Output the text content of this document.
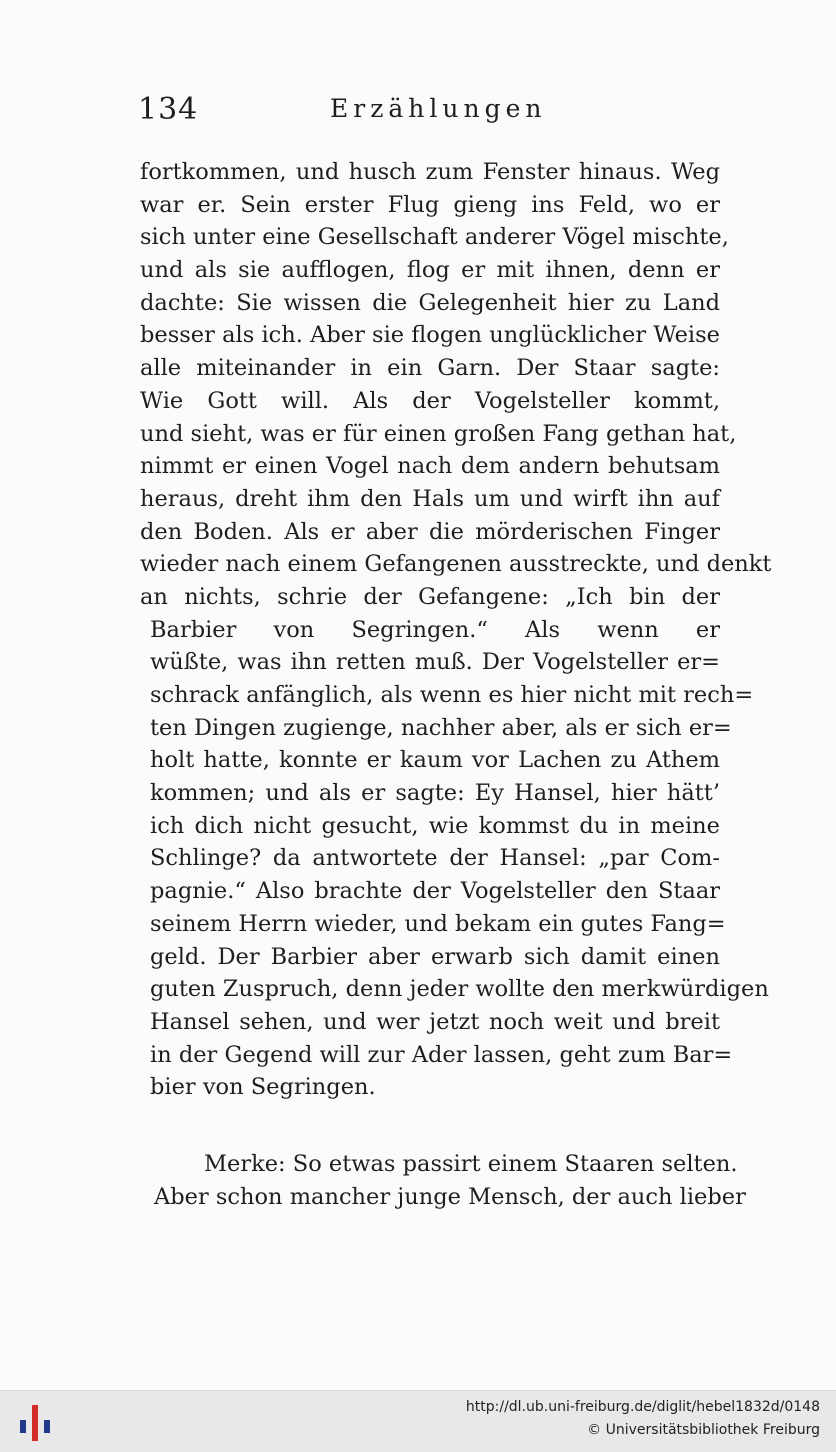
134	Erzählungen
fortkommen, und husch zum Fenster hinaus. Weg
war er. Sein erster Flug gieng ins Feld, wo er
sich unter eine Gesellschaft anderer Vögel mischte,
und als sie aufflogen, flog er mit ihnen, denn er
dachte: Sie wissen die Gelegenheit hier zu Land
besser als ich. Aber sie flogen unglücklicher Weise
alle miteinander in ein Garn. Der Staar sagte:
Wie Gott will. Als der Vogelsteller kommt,
und sieht, was er für einen großen Fang gethan hat,
nimmt er einen Vogel nach dem andern behutsam
heraus, dreht ihm den Hals um und wirft ihn auf
den Boden. Als er aber die mörderischen Finger
wieder nach einem Gefangenen ausstreckte, und denkt
an nichts, schrie der Gefangene: „Ich bin der
Barbier von Segringen.“ Als wenn er
wüßte, was ihn retten muß. Der Vogelsteller er=
schrack anfänglich, als wenn es hier nicht mit rech=
ten Dingen zugienge, nachher aber, als er sich er=
holt hatte, konnte er kaum vor Lachen zu Athem
kommen; und als er sagte: Ey Hansel, hier hätt’
ich dich nicht gesucht, wie kommst du in meine
Schlinge? da antwortete der Hansel: „par Com-
pagnie.“ Also brachte der Vogelsteller den Staar
seinem Herrn wieder, und bekam ein gutes Fang=
geld. Der Barbier aber erwarb sich damit einen
guten Zuspruch, denn jeder wollte den merkwürdigen
Hansel sehen, und wer jetzt noch weit und breit
in der Gegend will zur Ader lassen, geht zum Bar=
bier von Segringen.
Merke: So etwas passirt einem Staaren selten.
Aber schon mancher junge Mensch, der auch lieber
http://dl.ub.uni-freiburg.de/diglit/hebel1832d/0148
© Universitätsbibliothek Freiburg
